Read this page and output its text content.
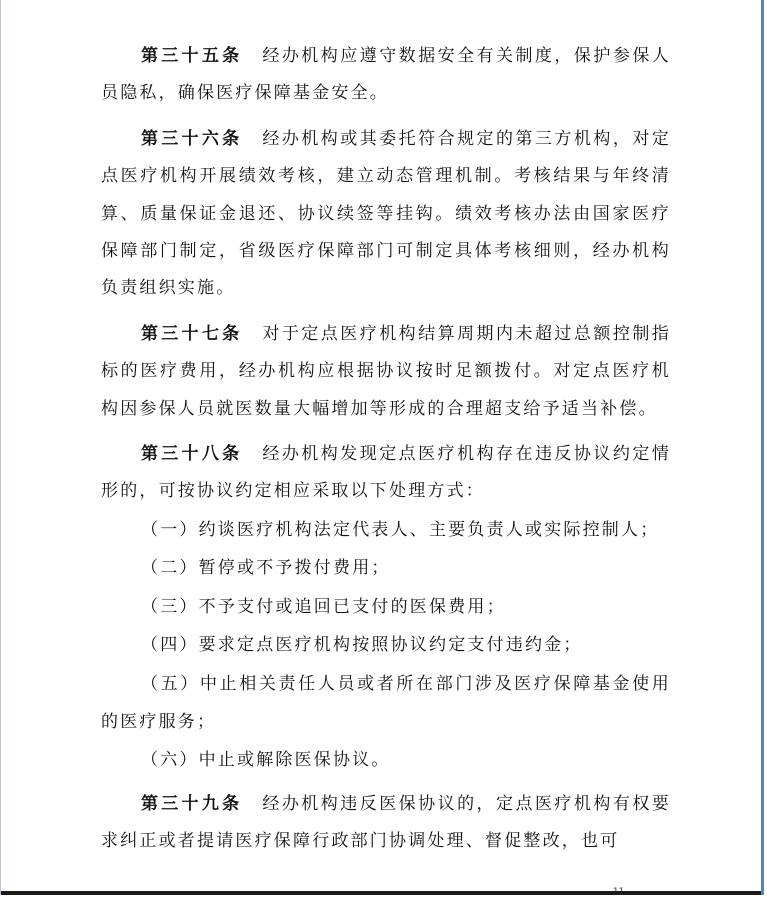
第三十五条 经办机构应遵守数据安全有关制度，保护参保人员隐私，确保医疗保障基金安全。

第三十六条 经办机构或其委托符合规定的第三方机构，对定点医疗机构开展绩效考核，建立动态管理机制。考核结果与年终清算、质量保证金退还、协议续签等挂钩。绩效考核办法由国家医疗保障部门制定，省级医疗保障部门可制定具体考核细则，经办机构负责组织实施。

第三十七条 对于定点医疗机构结算周期内未超过总额控制指标的医疗费用，经办机构应根据协议按时足额拨付。对定点医疗机构因参保人员就医数量大幅增加等形成的合理超支给予适当补偿。

第三十八条 经办机构发现定点医疗机构存在违反协议约定情形的，可按协议约定相应采取以下处理方式：

（一）约谈医疗机构法定代表人、主要负责人或实际控制人；

（二）暂停或不予拨付费用；

（三）不予支付或追回已支付的医保费用；

（四）要求定点医疗机构按照协议约定支付违约金；

（五）中止相关责任人员或者所在部门涉及医疗保障基金使用的医疗服务；

（六）中止或解除医保协议。

第三十九条 经办机构违反医保协议的，定点医疗机构有权要求纠正或者提请医疗保障行政部门协调处理、督促整改，也可
